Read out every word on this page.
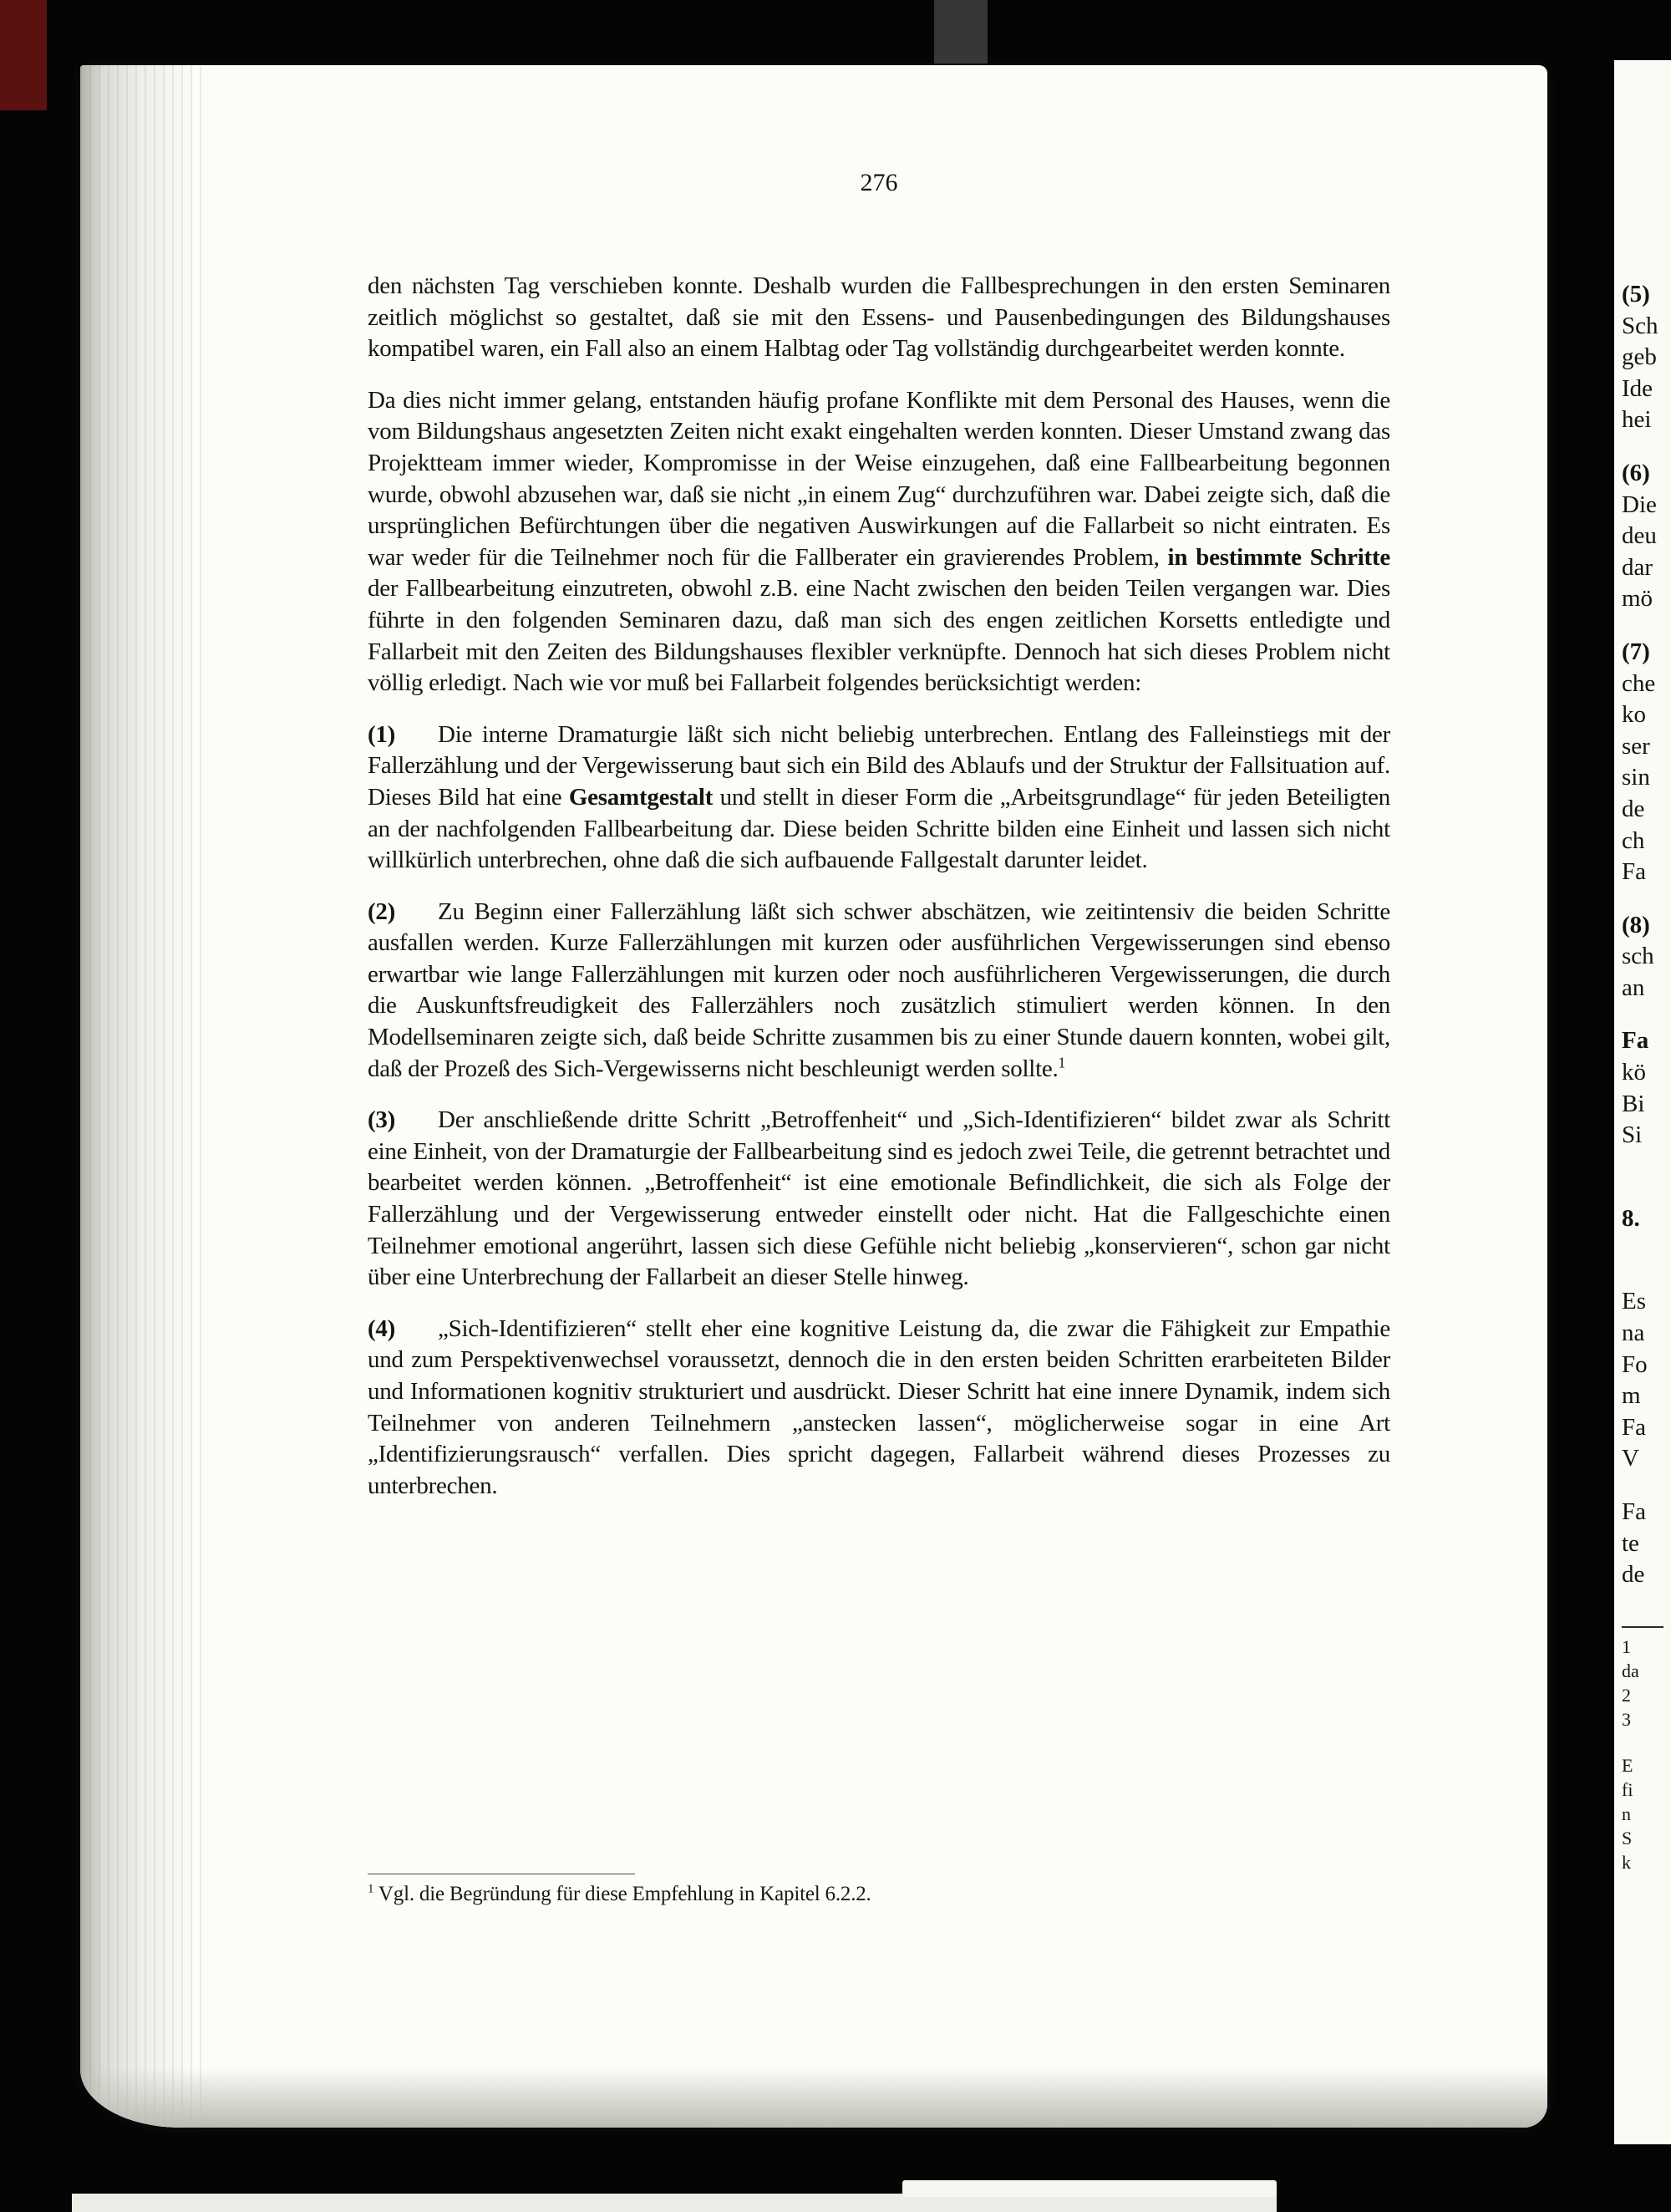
276

den nächsten Tag verschieben konnte. Deshalb wurden die Fallbesprechungen in den ersten Seminaren zeitlich möglichst so gestaltet, daß sie mit den Essens- und Pausenbedingungen des Bildungshauses kompatibel waren, ein Fall also an einem Halbtag oder Tag vollständig durchgearbeitet werden konnte.

Da dies nicht immer gelang, entstanden häufig profane Konflikte mit dem Personal des Hauses, wenn die vom Bildungshaus angesetzten Zeiten nicht exakt eingehalten werden konnten. Dieser Umstand zwang das Projektteam immer wieder, Kompromisse in der Weise einzugehen, daß eine Fallbearbeitung begonnen wurde, obwohl abzusehen war, daß sie nicht „in einem Zug“ durchzuführen war. Dabei zeigte sich, daß die ursprünglichen Befürchtungen über die negativen Auswirkungen auf die Fallarbeit so nicht eintraten. Es war weder für die Teilnehmer noch für die Fallberater ein gravierendes Problem, in bestimmte Schritte der Fallbearbeitung einzutreten, obwohl z.B. eine Nacht zwischen den beiden Teilen vergangen war. Dies führte in den folgenden Seminaren dazu, daß man sich des engen zeitlichen Korsetts entledigte und Fallarbeit mit den Zeiten des Bildungshauses flexibler verknüpfte. Dennoch hat sich dieses Problem nicht völlig erledigt. Nach wie vor muß bei Fallarbeit folgendes berücksichtigt werden:

(1) Die interne Dramaturgie läßt sich nicht beliebig unterbrechen. Entlang des Falleinstiegs mit der Fallerzählung und der Vergewisserung baut sich ein Bild des Ablaufs und der Struktur der Fallsituation auf. Dieses Bild hat eine Gesamtgestalt und stellt in dieser Form die „Arbeitsgrundlage“ für jeden Beteiligten an der nachfolgenden Fallbearbeitung dar. Diese beiden Schritte bilden eine Einheit und lassen sich nicht willkürlich unterbrechen, ohne daß die sich aufbauende Fallgestalt darunter leidet.

(2) Zu Beginn einer Fallerzählung läßt sich schwer abschätzen, wie zeitintensiv die beiden Schritte ausfallen werden. Kurze Fallerzählungen mit kurzen oder ausführlichen Vergewisserungen sind ebenso erwartbar wie lange Fallerzählungen mit kurzen oder noch ausführlicheren Vergewisserungen, die durch die Auskunftsfreudigkeit des Fallerzählers noch zusätzlich stimuliert werden können. In den Modellseminaren zeigte sich, daß beide Schritte zusammen bis zu einer Stunde dauern konnten, wobei gilt, daß der Prozeß des Sich-Vergewisserns nicht beschleunigt werden sollte.$^1$

(3) Der anschließende dritte Schritt „Betroffenheit“ und „Sich-Identifizieren“ bildet zwar als Schritt eine Einheit, von der Dramaturgie der Fallbearbeitung sind es jedoch zwei Teile, die getrennt betrachtet und bearbeitet werden können. „Betroffenheit“ ist eine emotionale Befindlichkeit, die sich als Folge der Fallerzählung und der Vergewisserung entweder einstellt oder nicht. Hat die Fallgeschichte einen Teilnehmer emotional angerührt, lassen sich diese Gefühle nicht beliebig „konservieren“, schon gar nicht über eine Unterbrechung der Fallarbeit an dieser Stelle hinweg.

(4) „Sich-Identifizieren“ stellt eher eine kognitive Leistung da, die zwar die Fähigkeit zur Empathie und zum Perspektivenwechsel voraussetzt, dennoch die in den ersten beiden Schritten erarbeiteten Bilder und Informationen kognitiv strukturiert und ausdrückt. Dieser Schritt hat eine innere Dynamik, indem sich Teilnehmer von anderen Teilnehmern „anstecken lassen“, möglicherweise sogar in eine Art „Identifizierungsrausch“ verfallen. Dies spricht dagegen, Fallarbeit während dieses Prozesses zu unterbrechen.

$^1$ Vgl. die Begründung für diese Empfehlung in Kapitel 6.2.2.
(5)
Sch
geb
Ide
hei
(6)
Die
deu
dar
mö
(7)
che
ko
ser
sin
de
ch
Fa
(8)
sch
an
Fa
kö
Bi
Si
8.
Es
na
Fo
m
Fa
V
Fa
te
de
1
da
2
3
E
fi
n
S
k
